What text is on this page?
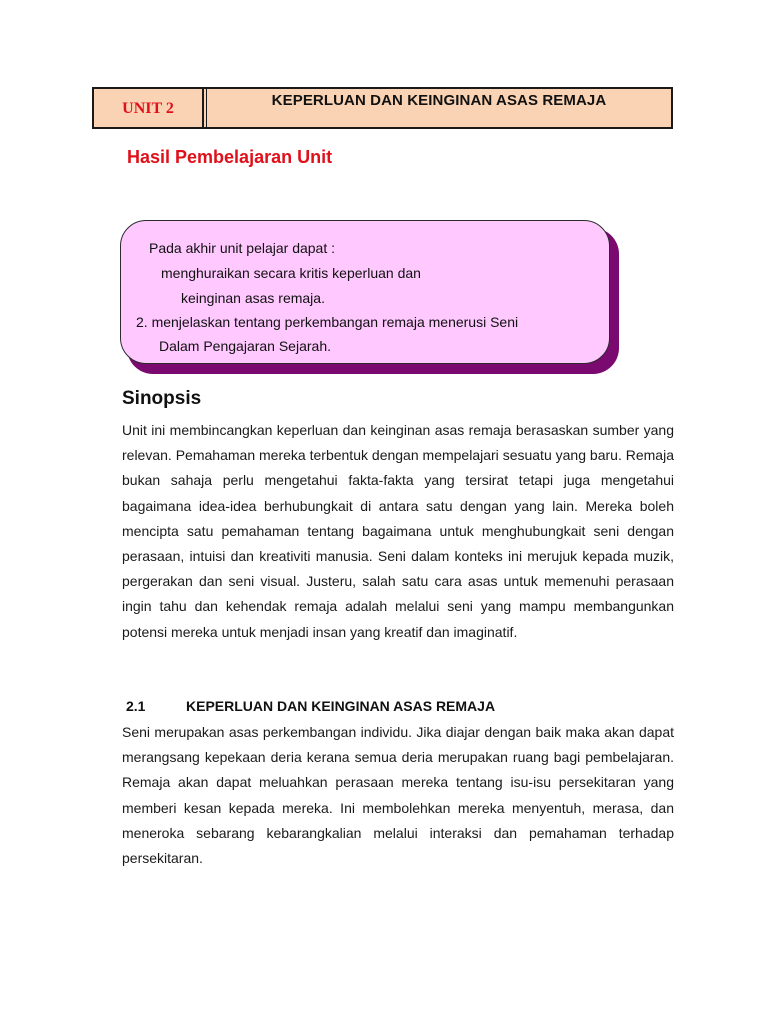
UNIT 2	KEPERLUAN DAN KEINGINAN ASAS REMAJA
Hasil Pembelajaran Unit
Pada akhir unit pelajar dapat :
menghuraikan secara kritis keperluan dan
keinginan asas remaja.
2. menjelaskan tentang perkembangan remaja menerusi Seni
Dalam Pengajaran Sejarah.
Sinopsis

Unit ini membincangkan keperluan dan keinginan asas remaja berasaskan sumber yang relevan. Pemahaman mereka terbentuk dengan mempelajari sesuatu yang baru. Remaja bukan sahaja perlu mengetahui fakta-fakta yang tersirat tetapi juga mengetahui bagaimana idea-idea berhubungkait di antara satu dengan yang lain. Mereka boleh mencipta satu pemahaman tentang bagaimana untuk menghubungkait seni dengan perasaan, intuisi dan kreativiti manusia. Seni dalam konteks ini merujuk kepada muzik, pergerakan dan seni visual. Justeru, salah satu cara asas untuk memenuhi perasaan ingin tahu dan kehendak remaja adalah melalui seni yang mampu membangunkan potensi mereka untuk menjadi insan yang kreatif dan imaginatif.

2.1	KEPERLUAN DAN KEINGINAN ASAS REMAJA

Seni merupakan asas perkembangan individu. Jika diajar dengan baik maka akan dapat merangsang kepekaan deria kerana semua deria merupakan ruang bagi pembelajaran. Remaja akan dapat meluahkan perasaan mereka tentang isu-isu persekitaran yang memberi kesan kepada mereka. Ini membolehkan mereka menyentuh, merasa, dan meneroka sebarang kebarangkalian melalui interaksi dan pemahaman terhadap persekitaran.
